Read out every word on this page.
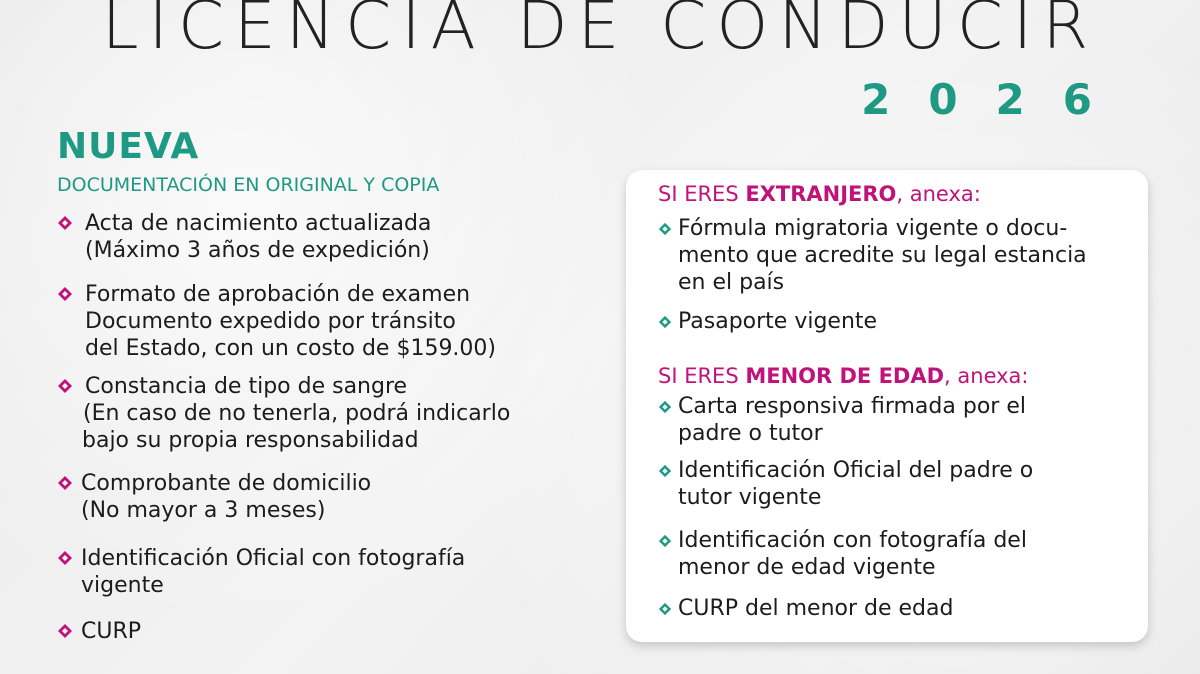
LICENCIA DE CONDUCIR
2026
NUEVA
DOCUMENTACIÓN EN ORIGINAL Y COPIA
Acta de nacimiento actualizada
(Máximo 3 años de expedición)
Formato de aprobación de examen
Documento expedido por tránsito
del Estado, con un costo de $159.00)
Constancia de tipo de sangre
(En caso de no tenerla, podrá indicarlo
bajo su propia responsabilidad
Comprobante de domicilio
(No mayor a 3 meses)
Identificación Oficial con fotografía
vigente
CURP
SI ERES EXTRANJERO, anexa:
Fórmula migratoria vigente o docu-
mento que acredite su legal estancia
en el país
Pasaporte vigente
SI ERES MENOR DE EDAD, anexa:
Carta responsiva firmada por el
padre o tutor
Identificación Oficial del padre o
tutor vigente
Identificación con fotografía del
menor de edad vigente
CURP del menor de edad
